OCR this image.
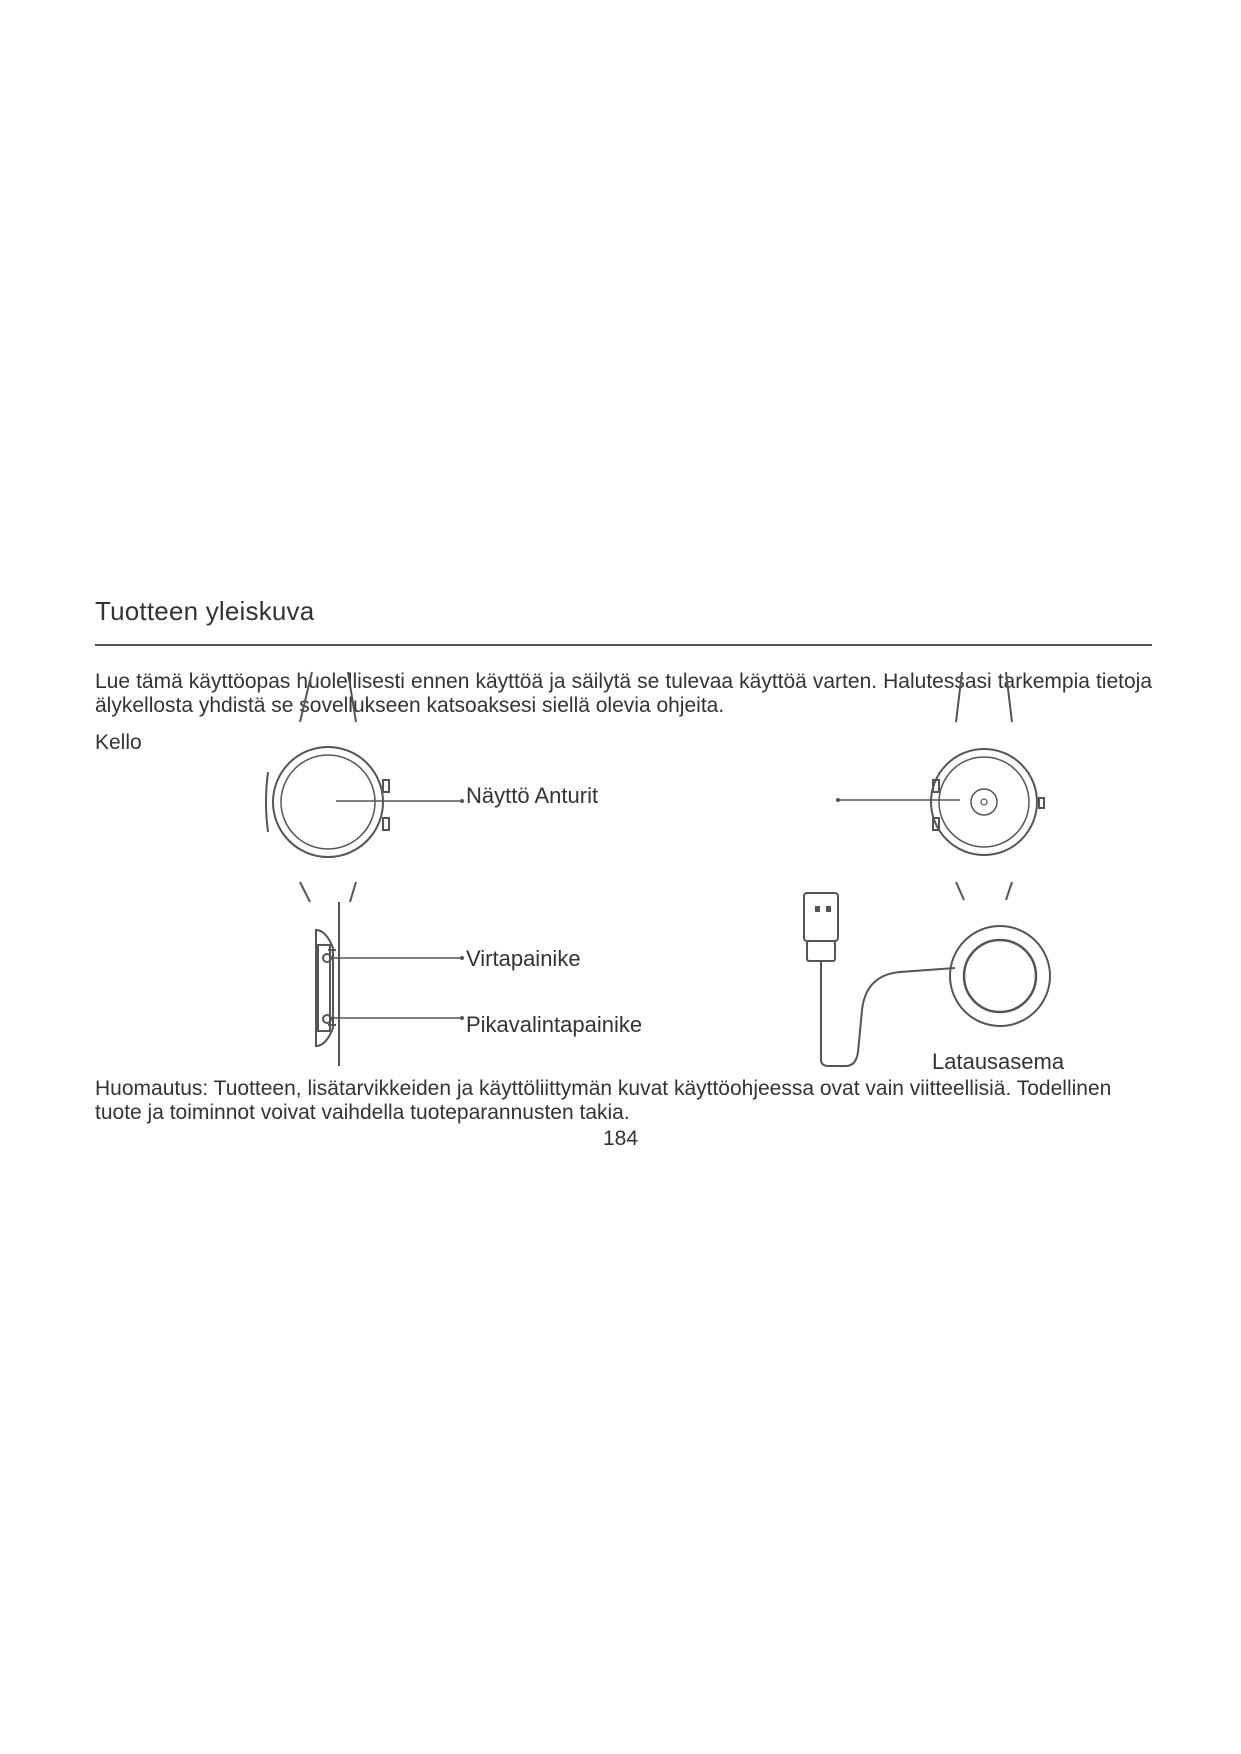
Tuotteen yleiskuva
Lue tämä käyttöopas huolellisesti ennen käyttöä ja säilytä se tulevaa käyttöä varten. Halutessasi tarkempia tietoja älykellosta yhdistä se sovellukseen katsoaksesi siellä olevia ohjeita.
Kello
Näyttö Anturit
Virtapainike
Pikavalintapainike
Latausasema
Huomautus: Tuotteen, lisätarvikkeiden ja käyttöliittymän kuvat käyttöohjeessa ovat vain viitteellisiä. Todellinen tuote ja toiminnot voivat vaihdella tuoteparannusten takia.
184
